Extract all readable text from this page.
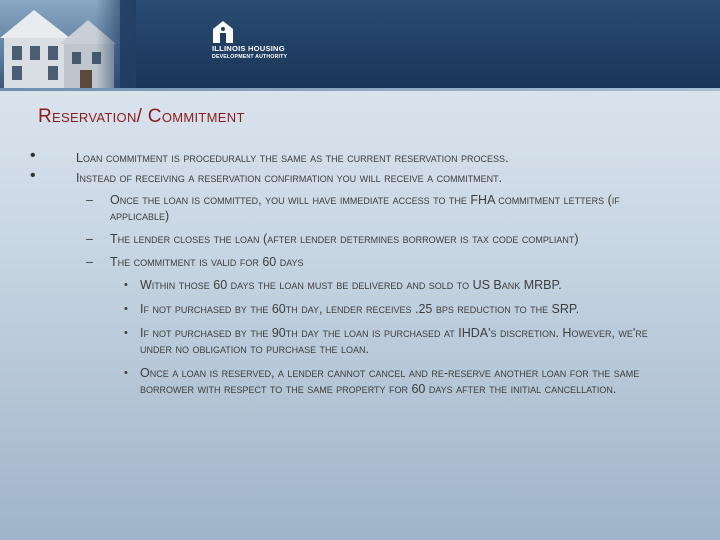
ILLINOIS HOUSING
DEVELOPMENT AUTHORITY
Reservation/ Commitment
•	Loan commitment is procedurally the same as the current reservation process.
•	Instead of receiving a reservation confirmation you will receive a commitment.
– Once the loan is committed, you will have immediate access to the FHA commitment letters (if applicable)
– The lender closes the loan (after lender determines borrower is tax code compliant)
– The commitment is valid for 60 days
• Within those 60 days the loan must be delivered and sold to US Bank MRBP.
• If not purchased by the 60th day, lender receives .25 bps reduction to the SRP.
• If not purchased by the 90th day the loan is purchased at IHDA's discretion. However, we're under no obligation to purchase the loan.
• Once a loan is reserved, a lender cannot cancel and re-reserve another loan for the same borrower with respect to the same property for 60 days after the initial cancellation.
